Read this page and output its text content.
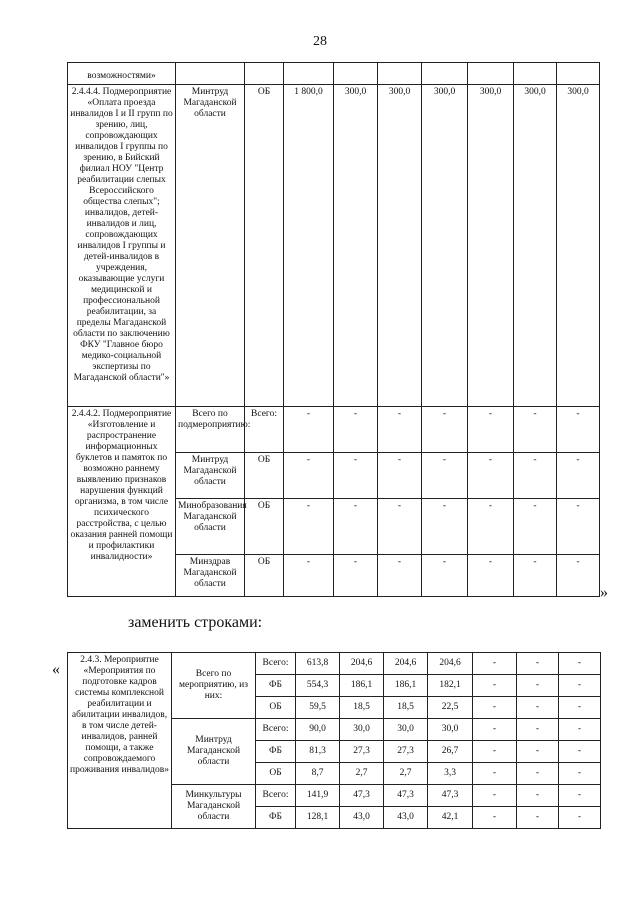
28
возможностями»									
2.4.4.4. Подмероприятие «Оплата проезда инвалидов I и II групп по зрению, лиц, сопровождающих инвалидов I группы по зрению, в Бийский филиал НОУ "Центр реабилитации слепых Всероссийского общества слепых"; инвалидов, детей-инвалидов и лиц, сопровождающих инвалидов I группы и детей-инвалидов в учреждения, оказывающие услуги медицинской и профессиональной реабилитации, за пределы Магаданской области по заключению ФКУ "Главное бюро медико-социальной экспертизы по Магаданской области"»	Минтруд Магаданской области	ОБ	1 800,0	300,0	300,0	300,0	300,0	300,0	300,0
2.4.4.2. Подмероприятие «Изготовление и распространение информационных буклетов и памяток по возможно раннему выявлению признаков нарушения функций организма, в том числе психического расстройства, с целью оказания ранней помощи и профилактики инвалидности»	Всего по подмероприятию:	Всего:	-	-	-	-	-	-	-
	Минтруд Магаданской области	ОБ	-	-	-	-	-	-	-
	Минобразования Магаданской области	ОБ	-	-	-	-	-	-	-
	Минздрав Магаданской области	ОБ	-	-	-	-	-	-	-
»
заменить строками:
«
2.4.3. Мероприятие «Мероприятия по подготовке кадров системы комплексной реабилитации и абилитации инвалидов, в том числе детей-инвалидов, ранней помощи, а также сопровождаемого проживания инвалидов»	Всего по мероприятию, из них:	Всего:	613,8	204,6	204,6	204,6	-	-	-
		ФБ	554,3	186,1	186,1	182,1	-	-	-
		ОБ	59,5	18,5	18,5	22,5	-	-	-
	Минтруд Магаданской области	Всего:	90,0	30,0	30,0	30,0	-	-	-
		ФБ	81,3	27,3	27,3	26,7	-	-	-
		ОБ	8,7	2,7	2,7	3,3	-	-	-
	Минкультуры Магаданской области	Всего:	141,9	47,3	47,3	47,3	-	-	-
		ФБ	128,1	43,0	43,0	42,1	-	-	-
